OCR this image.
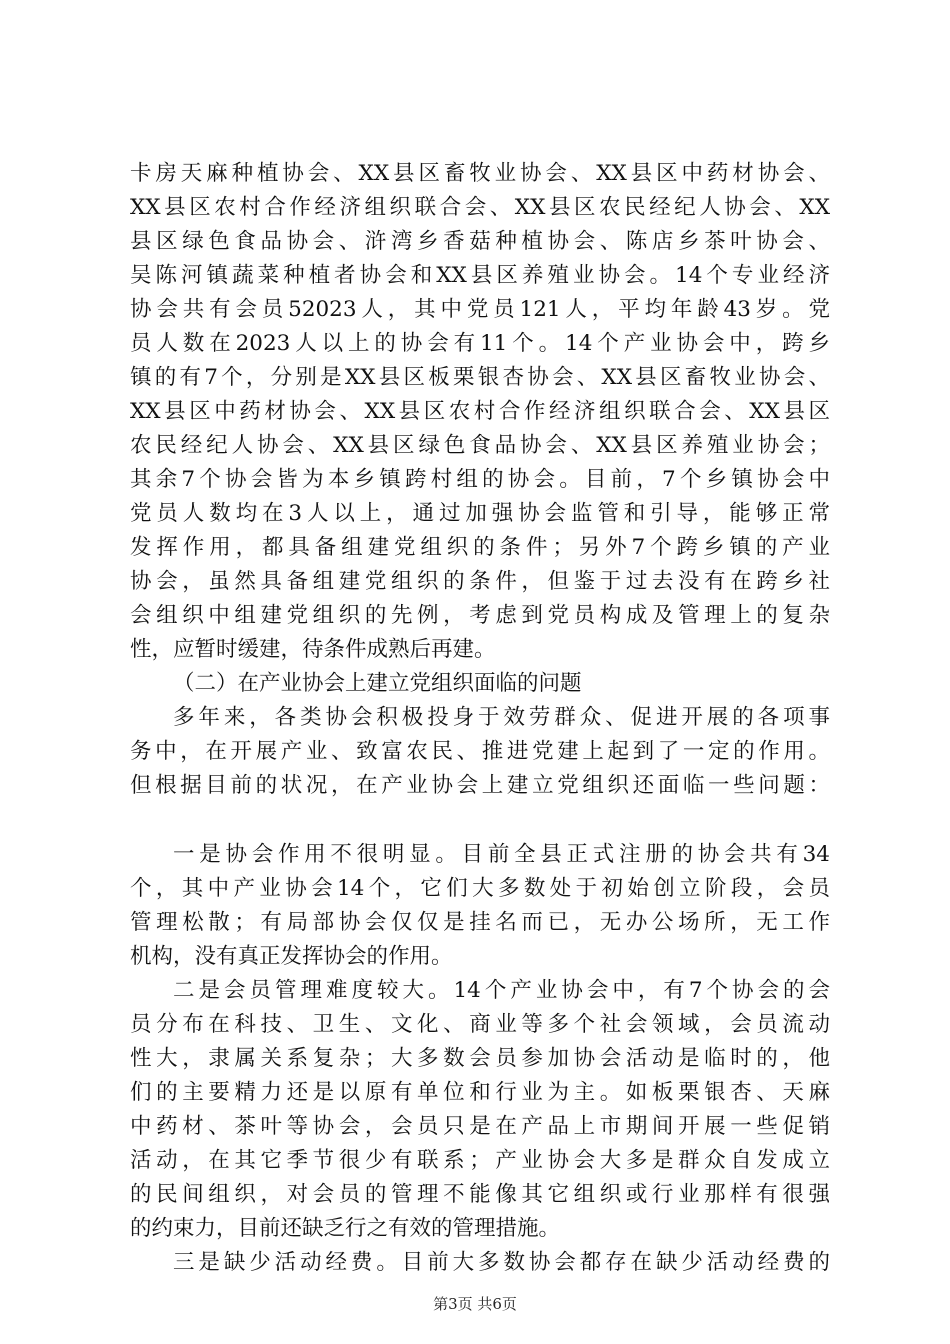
卡房天麻种植协会、XX县区畜牧业协会、XX县区中药材协会、
XX县区农村合作经济组织联合会、XX县区农民经纪人协会、XX
县区绿色食品协会、浒湾乡香菇种植协会、陈店乡茶叶协会、
吴陈河镇蔬菜种植者协会和XX县区养殖业协会。14个专业经济
协会共有会员52023人，其中党员121人，平均年龄43岁。党
员人数在2023人以上的协会有11个。14个产业协会中，跨乡
镇的有7个，分别是XX县区板栗银杏协会、XX县区畜牧业协会、
XX县区中药材协会、XX县区农村合作经济组织联合会、XX县区
农民经纪人协会、XX县区绿色食品协会、XX县区养殖业协会；
其余7个协会皆为本乡镇跨村组的协会。目前，7个乡镇协会中
党员人数均在3人以上，通过加强协会监管和引导，能够正常
发挥作用，都具备组建党组织的条件；另外7个跨乡镇的产业
协会，虽然具备组建党组织的条件，但鉴于过去没有在跨乡社
会组织中组建党组织的先例，考虑到党员构成及管理上的复杂
性，应暂时缓建，待条件成熟后再建。
（二）在产业协会上建立党组织面临的问题
多年来，各类协会积极投身于效劳群众、促进开展的各项事
务中，在开展产业、致富农民、推进党建上起到了一定的作用。
但根据目前的状况，在产业协会上建立党组织还面临一些问题：
一是协会作用不很明显。目前全县正式注册的协会共有34
个，其中产业协会14个，它们大多数处于初始创立阶段，会员
管理松散；有局部协会仅仅是挂名而已，无办公场所，无工作
机构，没有真正发挥协会的作用。
二是会员管理难度较大。14个产业协会中，有7个协会的会
员分布在科技、卫生、文化、商业等多个社会领域，会员流动
性大，隶属关系复杂；大多数会员参加协会活动是临时的，他
们的主要精力还是以原有单位和行业为主。如板栗银杏、天麻
中药材、茶叶等协会，会员只是在产品上市期间开展一些促销
活动，在其它季节很少有联系；产业协会大多是群众自发成立
的民间组织，对会员的管理不能像其它组织或行业那样有很强
的约束力，目前还缺乏行之有效的管理措施。
三是缺少活动经费。目前大多数协会都存在缺少活动经费的
第3页 共6页
